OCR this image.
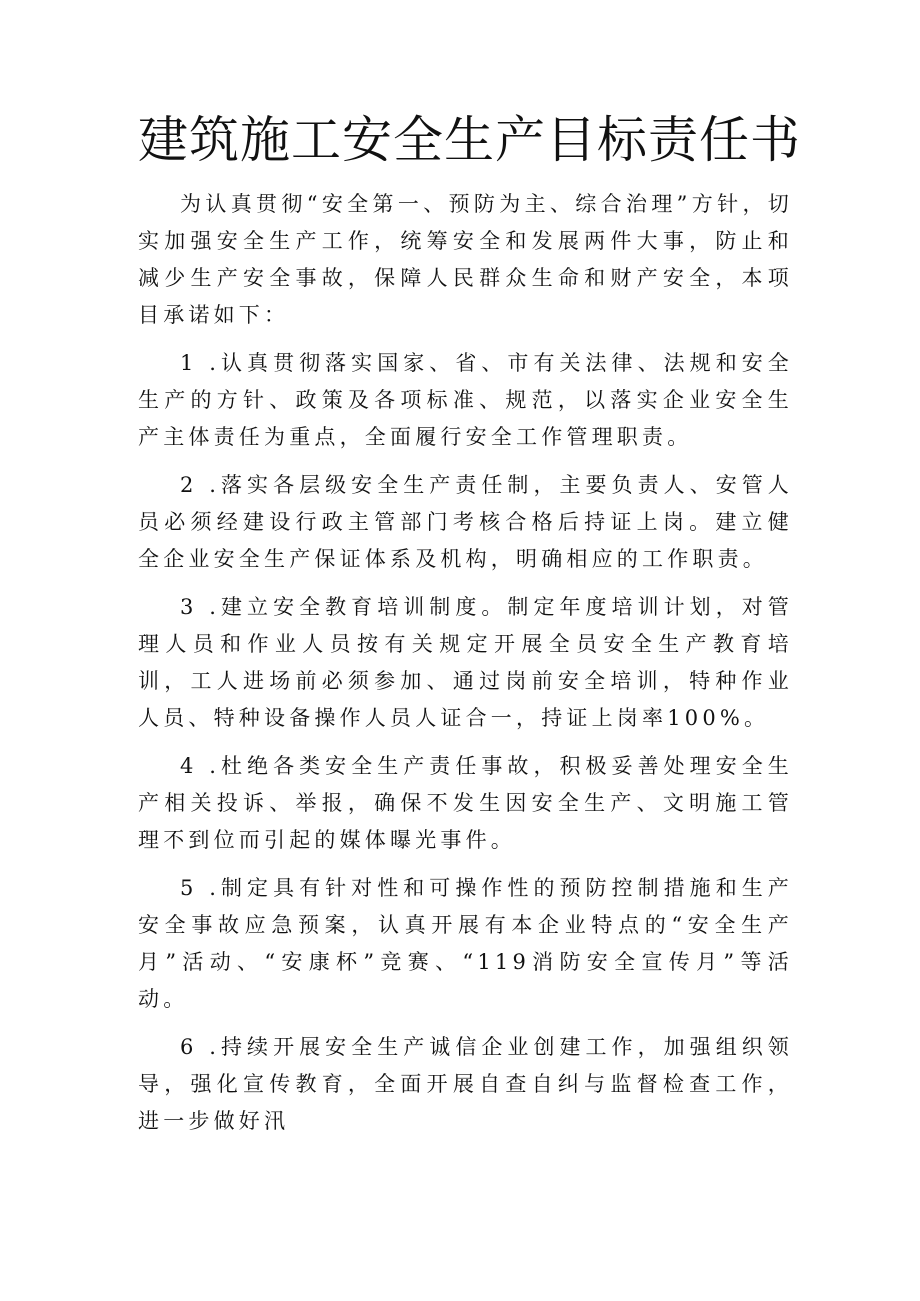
建筑施工安全生产目标责任书

为认真贯彻“安全第一、预防为主、综合治理”方针，切实加强安全生产工作，统筹安全和发展两件大事，防止和减少生产安全事故，保障人民群众生命和财产安全，本项目承诺如下：

1 .认真贯彻落实国家、省、市有关法律、法规和安全生产的方针、政策及各项标准、规范，以落实企业安全生产主体责任为重点，全面履行安全工作管理职责。

2 .落实各层级安全生产责任制，主要负责人、安管人员必须经建设行政主管部门考核合格后持证上岗。建立健全企业安全生产保证体系及机构，明确相应的工作职责。

3 .建立安全教育培训制度。制定年度培训计划，对管理人员和作业人员按有关规定开展全员安全生产教育培训，工人进场前必须参加、通过岗前安全培训，特种作业人员、特种设备操作人员人证合一，持证上岗率100%。

4 .杜绝各类安全生产责任事故，积极妥善处理安全生产相关投诉、举报，确保不发生因安全生产、文明施工管理不到位而引起的媒体曝光事件。

5 .制定具有针对性和可操作性的预防控制措施和生产安全事故应急预案，认真开展有本企业特点的“安全生产月”活动、“安康杯”竞赛、“119消防安全宣传月”等活动。

6 .持续开展安全生产诚信企业创建工作，加强组织领导，强化宣传教育，全面开展自查自纠与监督检查工作，进一步做好汛
